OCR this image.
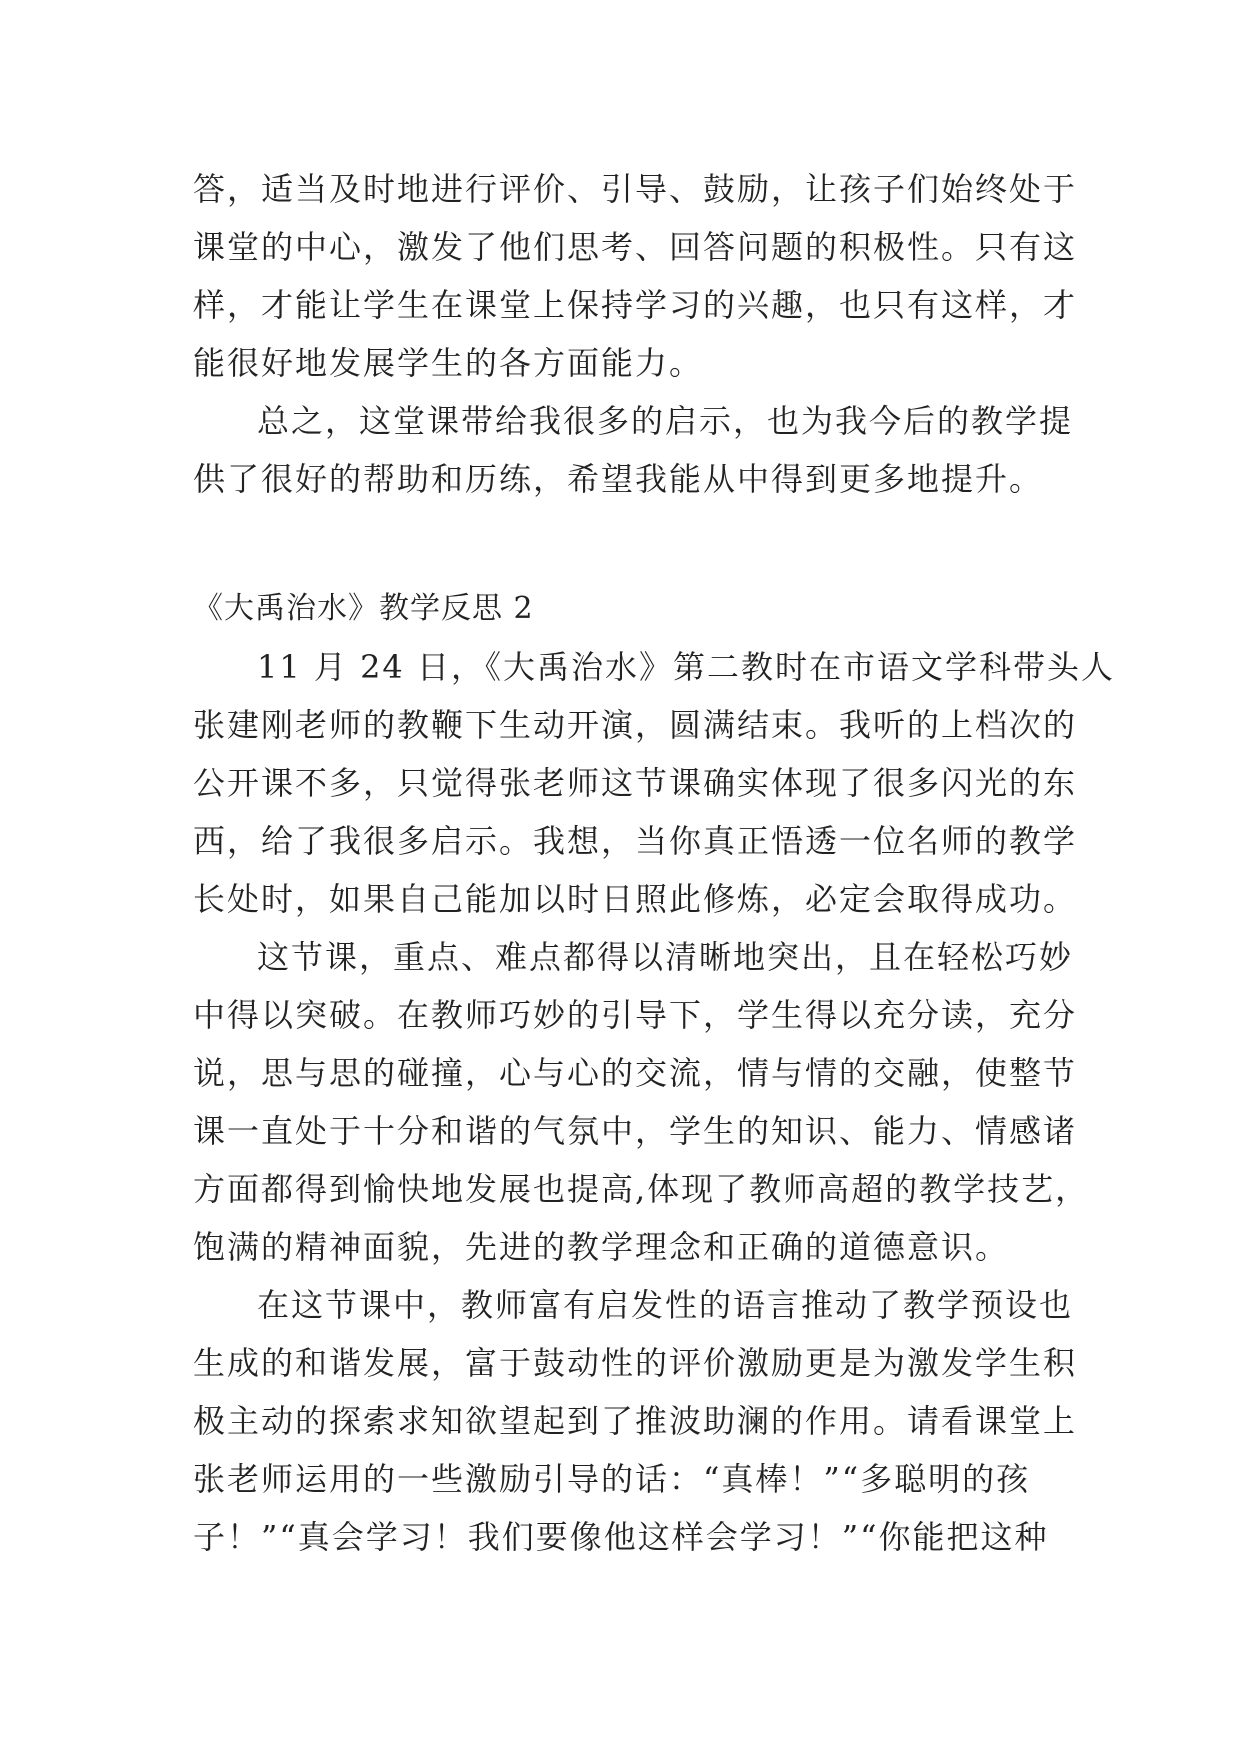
答，适当及时地进行评价、引导、鼓励，让孩子们始终处于
课堂的中心，激发了他们思考、回答问题的积极性。只有这
样，才能让学生在课堂上保持学习的兴趣，也只有这样，才
能很好地发展学生的各方面能力。
总之，这堂课带给我很多的启示，也为我今后的教学提
供了很好的帮助和历练，希望我能从中得到更多地提升。
《大禹治水》教学反思 2
11 月 24 日，《大禹治水》第二教时在市语文学科带头人
张建刚老师的教鞭下生动开演，圆满结束。我听的上档次的
公开课不多，只觉得张老师这节课确实体现了很多闪光的东
西，给了我很多启示。我想，当你真正悟透一位名师的教学
长处时，如果自己能加以时日照此修炼，必定会取得成功。
这节课，重点、难点都得以清晰地突出，且在轻松巧妙
中得以突破。在教师巧妙的引导下，学生得以充分读，充分
说，思与思的碰撞，心与心的交流，情与情的交融，使整节
课一直处于十分和谐的气氛中，学生的知识、能力、情感诸
方面都得到愉快地发展也提高,体现了教师高超的教学技艺，
饱满的精神面貌，先进的教学理念和正确的道德意识。
在这节课中，教师富有启发性的语言推动了教学预设也
生成的和谐发展，富于鼓动性的评价激励更是为激发学生积
极主动的探索求知欲望起到了推波助澜的作用。请看课堂上
张老师运用的一些激励引导的话：“真棒！”“多聪明的孩
子！”“真会学习！我们要像他这样会学习！”“你能把这种
